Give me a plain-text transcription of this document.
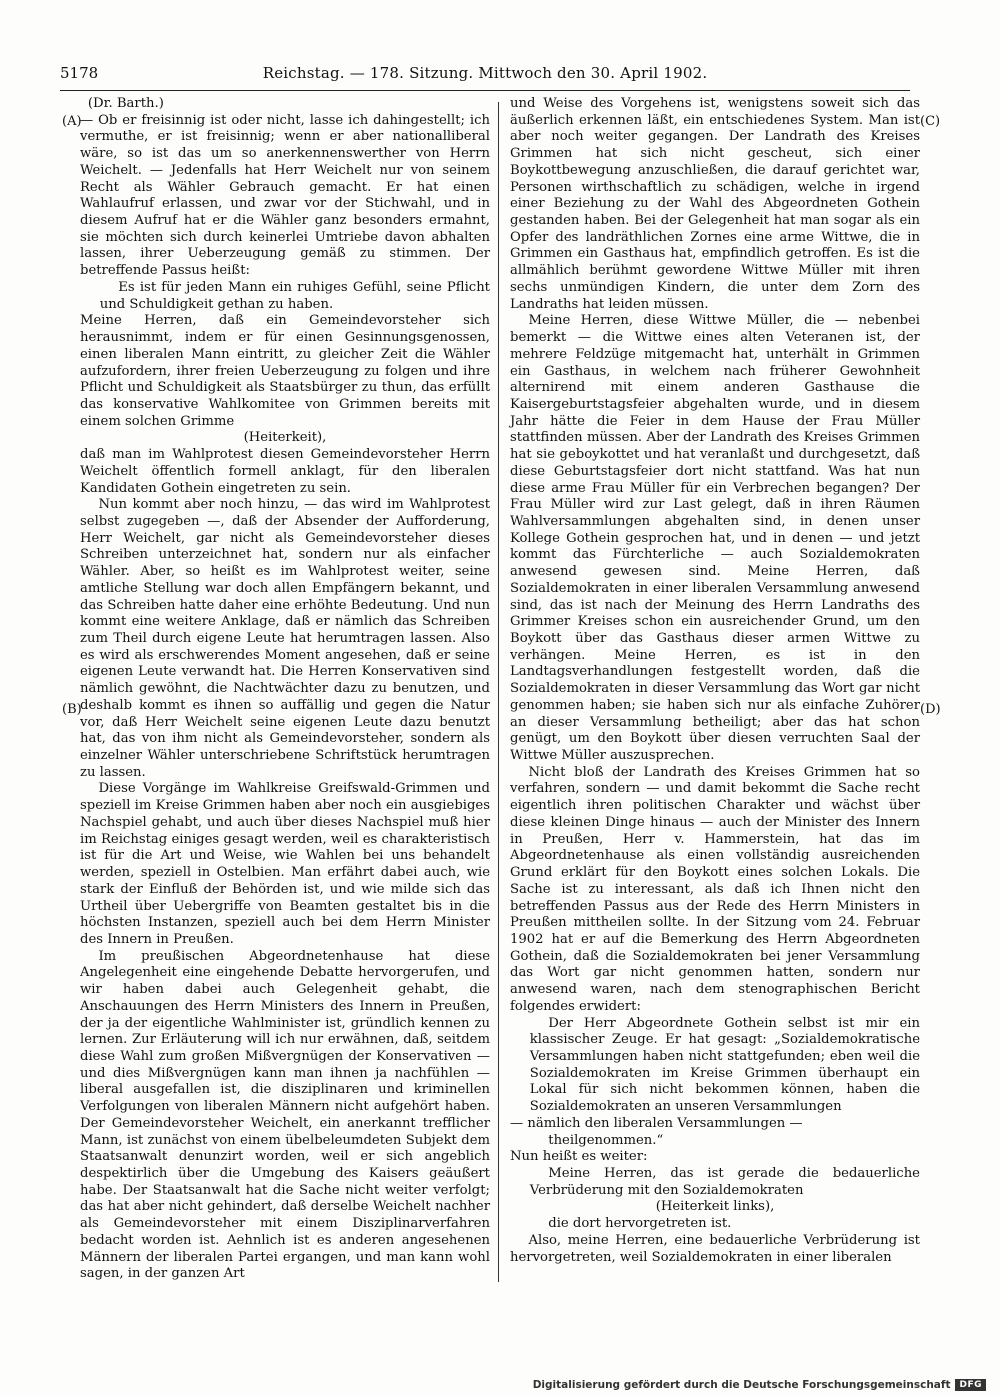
5178	Reichstag. — 178. Sitzung. Mittwoch den 30. April 1902.
(A)
(B)
(C)
(D)

(Dr. Barth.)

— Ob er freisinnig ist oder nicht, lasse ich dahingestellt; ich vermuthe, er ist freisinnig; wenn er aber nationalliberal wäre, so ist das um so anerkennenswerther von Herrn Weichelt. — Jedenfalls hat Herr Weichelt nur von seinem Recht als Wähler Gebrauch gemacht. Er hat einen Wahlaufruf erlassen, und zwar vor der Stichwahl, und in diesem Aufruf hat er die Wähler ganz besonders ermahnt, sie möchten sich durch keinerlei Umtriebe davon abhalten lassen, ihrer Ueberzeugung gemäß zu stimmen. Der betreffende Passus heißt:

Es ist für jeden Mann ein ruhiges Gefühl, seine Pflicht und Schuldigkeit gethan zu haben.

Meine Herren, daß ein Gemeindevorsteher sich herausnimmt, indem er für einen Gesinnungsgenossen, einen liberalen Mann eintritt, zu gleicher Zeit die Wähler aufzufordern, ihrer freien Ueberzeugung zu folgen und ihre Pflicht und Schuldigkeit als Staatsbürger zu thun, das erfüllt das konservative Wahlkomitee von Grimmen bereits mit einem solchen Grimme

(Heiterkeit),

daß man im Wahlprotest diesen Gemeindevorsteher Herrn Weichelt öffentlich formell anklagt, für den liberalen Kandidaten Gothein eingetreten zu sein.

Nun kommt aber noch hinzu, — das wird im Wahlprotest selbst zugegeben —, daß der Absender der Aufforderung, Herr Weichelt, gar nicht als Gemeindevorsteher dieses Schreiben unterzeichnet hat, sondern nur als einfacher Wähler. Aber, so heißt es im Wahlprotest weiter, seine amtliche Stellung war doch allen Empfängern bekannt, und das Schreiben hatte daher eine erhöhte Bedeutung. Und nun kommt eine weitere Anklage, daß er nämlich das Schreiben zum Theil durch eigene Leute hat herumtragen lassen. Also es wird als erschwerendes Moment angesehen, daß er seine eigenen Leute verwandt hat. Die Herren Konservativen sind nämlich gewöhnt, die Nachtwächter dazu zu benutzen, und deshalb kommt es ihnen so auffällig und gegen die Natur vor, daß Herr Weichelt seine eigenen Leute dazu benutzt hat, das von ihm nicht als Gemeindevorsteher, sondern als einzelner Wähler unterschriebene Schriftstück herumtragen zu lassen.

Diese Vorgänge im Wahlkreise Greifswald-Grimmen und speziell im Kreise Grimmen haben aber noch ein ausgiebiges Nachspiel gehabt, und auch über dieses Nachspiel muß hier im Reichstag einiges gesagt werden, weil es charakteristisch ist für die Art und Weise, wie Wahlen bei uns behandelt werden, speziell in Ostelbien. Man erfährt dabei auch, wie stark der Einfluß der Behörden ist, und wie milde sich das Urtheil über Uebergriffe von Beamten gestaltet bis in die höchsten Instanzen, speziell auch bei dem Herrn Minister des Innern in Preußen.

Im preußischen Abgeordnetenhause hat diese Angelegenheit eine eingehende Debatte hervorgerufen, und wir haben dabei auch Gelegenheit gehabt, die Anschauungen des Herrn Ministers des Innern in Preußen, der ja der eigentliche Wahlminister ist, gründlich kennen zu lernen. Zur Erläuterung will ich nur erwähnen, daß, seitdem diese Wahl zum großen Mißvergnügen der Konservativen — und dies Mißvergnügen kann man ihnen ja nachfühlen — liberal ausgefallen ist, die disziplinaren und kriminellen Verfolgungen von liberalen Männern nicht aufgehört haben. Der Gemeindevorsteher Weichelt, ein anerkannt trefflicher Mann, ist zunächst von einem übelbeleumdeten Subjekt dem Staatsanwalt denunzirt worden, weil er sich angeblich despektirlich über die Umgebung des Kaisers geäußert habe. Der Staatsanwalt hat die Sache nicht weiter verfolgt; das hat aber nicht gehindert, daß derselbe Weichelt nachher als Gemeindevorsteher mit einem Disziplinarverfahren bedacht worden ist. Aehnlich ist es anderen angesehenen Männern der liberalen Partei ergangen, und man kann wohl sagen, in der ganzen Art

und Weise des Vorgehens ist, wenigstens soweit sich das äußerlich erkennen läßt, ein entschiedenes System. Man ist aber noch weiter gegangen. Der Landrath des Kreises Grimmen hat sich nicht gescheut, sich einer Boykottbewegung anzuschließen, die darauf gerichtet war, Personen wirthschaftlich zu schädigen, welche in irgend einer Beziehung zu der Wahl des Abgeordneten Gothein gestanden haben. Bei der Gelegenheit hat man sogar als ein Opfer des landräthlichen Zornes eine arme Wittwe, die in Grimmen ein Gasthaus hat, empfindlich getroffen. Es ist die allmählich berühmt gewordene Wittwe Müller mit ihren sechs unmündigen Kindern, die unter dem Zorn des Landraths hat leiden müssen.

Meine Herren, diese Wittwe Müller, die — nebenbei bemerkt — die Wittwe eines alten Veteranen ist, der mehrere Feldzüge mitgemacht hat, unterhält in Grimmen ein Gasthaus, in welchem nach früherer Gewohnheit alternirend mit einem anderen Gasthause die Kaisergeburtstagsfeier abgehalten wurde, und in diesem Jahr hätte die Feier in dem Hause der Frau Müller stattfinden müssen. Aber der Landrath des Kreises Grimmen hat sie geboykottet und hat veranlaßt und durchgesetzt, daß diese Geburtstagsfeier dort nicht stattfand. Was hat nun diese arme Frau Müller für ein Verbrechen begangen? Der Frau Müller wird zur Last gelegt, daß in ihren Räumen Wahlversammlungen abgehalten sind, in denen unser Kollege Gothein gesprochen hat, und in denen — und jetzt kommt das Fürchterliche — auch Sozialdemokraten anwesend gewesen sind. Meine Herren, daß Sozialdemokraten in einer liberalen Versammlung anwesend sind, das ist nach der Meinung des Herrn Landraths des Grimmer Kreises schon ein ausreichender Grund, um den Boykott über das Gasthaus dieser armen Wittwe zu verhängen. Meine Herren, es ist in den Landtagsverhandlungen festgestellt worden, daß die Sozialdemokraten in dieser Versammlung das Wort gar nicht genommen haben; sie haben sich nur als einfache Zuhörer an dieser Versammlung betheiligt; aber das hat schon genügt, um den Boykott über diesen verruchten Saal der Wittwe Müller auszusprechen.

Nicht bloß der Landrath des Kreises Grimmen hat so verfahren, sondern — und damit bekommt die Sache recht eigentlich ihren politischen Charakter und wächst über diese kleinen Dinge hinaus — auch der Minister des Innern in Preußen, Herr v. Hammerstein, hat das im Abgeordnetenhause als einen vollständig ausreichenden Grund erklärt für den Boykott eines solchen Lokals. Die Sache ist zu interessant, als daß ich Ihnen nicht den betreffenden Passus aus der Rede des Herrn Ministers in Preußen mittheilen sollte. In der Sitzung vom 24. Februar 1902 hat er auf die Bemerkung des Herrn Abgeordneten Gothein, daß die Sozialdemokraten bei jener Versammlung das Wort gar nicht genommen hatten, sondern nur anwesend waren, nach dem stenographischen Bericht folgendes erwidert:

Der Herr Abgeordnete Gothein selbst ist mir ein klassischer Zeuge. Er hat gesagt: „Sozialdemokratische Versammlungen haben nicht stattgefunden; eben weil die Sozialdemokraten im Kreise Grimmen überhaupt ein Lokal für sich nicht bekommen können, haben die Sozialdemokraten an unseren Versammlungen

— nämlich den liberalen Versammlungen —

theilgenommen.“

Nun heißt es weiter:

Meine Herren, das ist gerade die bedauerliche Verbrüderung mit den Sozialdemokraten

(Heiterkeit links),

die dort hervorgetreten ist.

Also, meine Herren, eine bedauerliche Verbrüderung ist hervorgetreten, weil Sozialdemokraten in einer liberalen

Digitalisierung gefördert durch die Deutsche Forschungsgemeinschaft	DFG
